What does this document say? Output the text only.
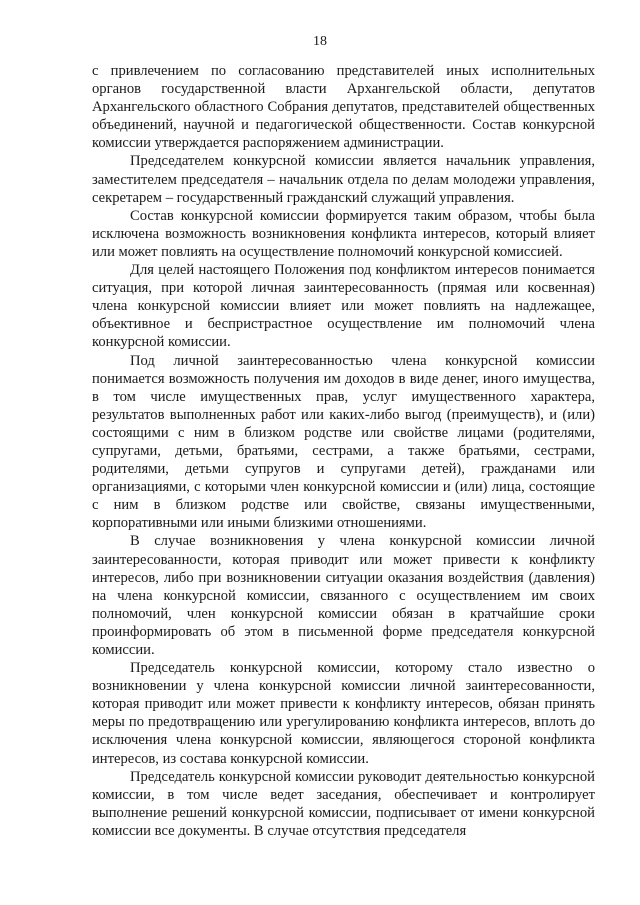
18

с привлечением по согласованию представителей иных исполнительных органов государственной власти Архангельской области, депутатов Архангельского областного Собрания депутатов, представителей общественных объединений, научной и педагогической общественности. Состав конкурсной комиссии утверждается распоряжением администрации.

Председателем конкурсной комиссии является начальник управления, заместителем председателя – начальник отдела по делам молодежи управления, секретарем – государственный гражданский служащий управления.

Состав конкурсной комиссии формируется таким образом, чтобы была исключена возможность возникновения конфликта интересов, который влияет или может повлиять на осуществление полномочий конкурсной комиссией.

Для целей настоящего Положения под конфликтом интересов понимается ситуация, при которой личная заинтересованность (прямая или косвенная) члена конкурсной комиссии влияет или может повлиять на надлежащее, объективное и беспристрастное осуществление им полномочий члена конкурсной комиссии.

Под личной заинтересованностью члена конкурсной комиссии понимается возможность получения им доходов в виде денег, иного имущества, в том числе имущественных прав, услуг имущественного характера, результатов выполненных работ или каких-либо выгод (преимуществ), и (или) состоящими с ним в близком родстве или свойстве лицами (родителями, супругами, детьми, братьями, сестрами, а также братьями, сестрами, родителями, детьми супругов и супругами детей), гражданами или организациями, с которыми член конкурсной комиссии и (или) лица, состоящие с ним в близком родстве или свойстве, связаны имущественными, корпоративными или иными близкими отношениями.

В случае возникновения у члена конкурсной комиссии личной заинтересованности, которая приводит или может привести к конфликту интересов, либо при возникновении ситуации оказания воздействия (давления) на члена конкурсной комиссии, связанного с осуществлением им своих полномочий, член конкурсной комиссии обязан в кратчайшие сроки проинформировать об этом в письменной форме председателя конкурсной комиссии.

Председатель конкурсной комиссии, которому стало известно о возникновении у члена конкурсной комиссии личной заинтересованности, которая приводит или может привести к конфликту интересов, обязан принять меры по предотвращению или урегулированию конфликта интересов, вплоть до исключения члена конкурсной комиссии, являющегося стороной конфликта интересов, из состава конкурсной комиссии.

Председатель конкурсной комиссии руководит деятельностью конкурсной комиссии, в том числе ведет заседания, обеспечивает и контролирует выполнение решений конкурсной комиссии, подписывает от имени конкурсной комиссии все документы. В случае отсутствия председателя
